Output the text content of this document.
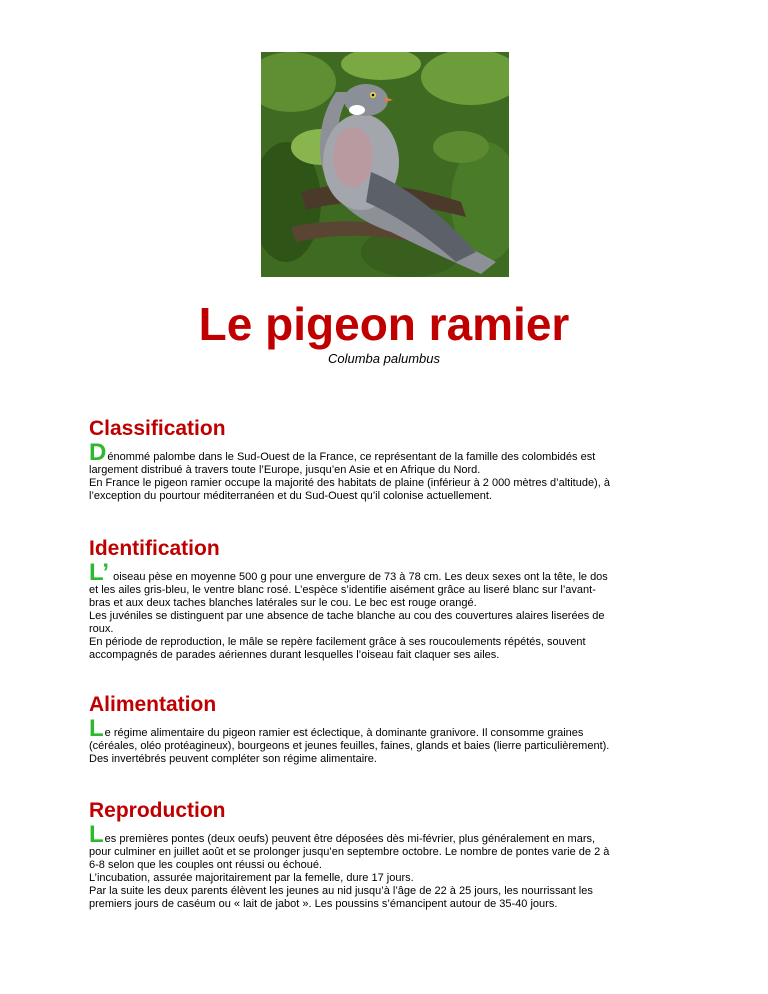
Le pigeon ramier
Columba palumbus
Classification

Dénommé palombe dans le Sud-Ouest de la France, ce représentant de la famille des colombidés est

largement distribué à travers toute l’Europe, jusqu’en Asie et en Afrique du Nord.

En France le pigeon ramier occupe la majorité des habitats de plaine (inférieur à 2 000 mètres d’altitude), à

l’exception du pourtour méditerranéen et du Sud-Ouest qu’il colonise actuellement.

Identification

L’ oiseau pèse en moyenne 500 g pour une envergure de 73 à 78 cm. Les deux sexes ont la tête, le dos

et les ailes gris-bleu, le ventre blanc rosé. L’espèce s’identifie aisément grâce au liseré blanc sur l’avant-

bras et aux deux taches blanches latérales sur le cou. Le bec est rouge orangé.

Les juvéniles se distinguent par une absence de tache blanche au cou des couvertures alaires liserées de

roux.

En période de reproduction, le mâle se repère facilement grâce à ses roucoulements répétés, souvent

accompagnés de parades aériennes durant lesquelles l’oiseau fait claquer ses ailes.

Alimentation

Le régime alimentaire du pigeon ramier est éclectique, à dominante granivore. Il consomme graines

(céréales, oléo protéagineux), bourgeons et jeunes feuilles, faines, glands et baies (lierre particulièrement).

Des invertébrés peuvent compléter son régime alimentaire.

Reproduction

Les premières pontes (deux oeufs) peuvent être déposées dès mi-février, plus généralement en mars,

pour culminer en juillet août et se prolonger jusqu’en septembre octobre. Le nombre de pontes varie de 2 à

6-8 selon que les couples ont réussi ou échoué.

L’incubation, assurée majoritairement par la femelle, dure 17 jours.

Par la suite les deux parents élèvent les jeunes au nid jusqu’à l’âge de 22 à 25 jours, les nourrissant les

premiers jours de caséum ou « lait de jabot ». Les poussins s’émancipent autour de 35-40 jours.
